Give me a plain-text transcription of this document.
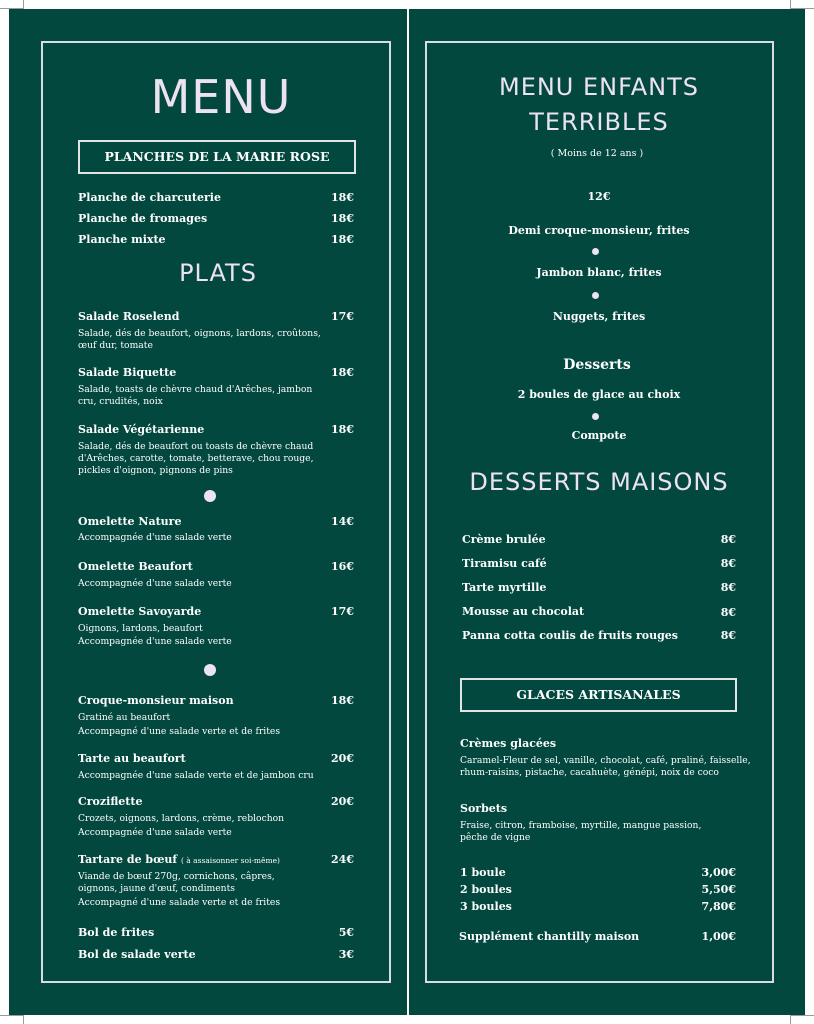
MENU
PLANCHES DE LA MARIE ROSE
Planche de charcuterie	18€
Planche de fromages	18€
Planche mixte	18€
PLATS
Salade Roselend	17€
Salade, dés de beaufort, oignons, lardons, croûtons, œuf dur, tomate
Salade Biquette	18€
Salade, toasts de chèvre chaud d'Arêches, jambon cru, crudités, noix
Salade Végétarienne	18€
Salade, dés de beaufort ou toasts de chèvre chaud d'Arêches, carotte, tomate, betterave, chou rouge, pickles d'oignon, pignons de pins
Omelette Nature	14€
Accompagnée d'une salade verte
Omelette Beaufort	16€
Accompagnée d'une salade verte
Omelette Savoyarde	17€
Oignons, lardons, beaufort
Accompagnée d'une salade verte
Croque-monsieur maison	18€
Gratiné au beaufort
Accompagné d'une salade verte et de frites
Tarte au beaufort	20€
Accompagnée d'une salade verte et de jambon cru
Croziflette	20€
Crozets, oignons, lardons, crème, reblochon
Accompagnée d'une salade verte
Tartare de bœuf ( à assaisonner soi-même)	24€
Viande de bœuf 270g, cornichons, câpres, oignons, jaune d'œuf, condiments
Accompagné d'une salade verte et de frites
Bol de frites	5€
Bol de salade verte	3€
MENU ENFANTS
TERRIBLES
( Moins de 12 ans )
12€
Demi croque-monsieur, frites
Jambon blanc, frites
Nuggets, frites
Desserts
2 boules de glace au choix
Compote
DESSERTS MAISONS
Crème brulée	8€
Tiramisu café	8€
Tarte myrtille	8€
Mousse au chocolat	8€
Panna cotta coulis de fruits rouges	8€
GLACES ARTISANALES
Crèmes glacées
Caramel-Fleur de sel, vanille, chocolat, café, praliné, faisselle, rhum-raisins, pistache, cacahuète, génépi, noix de coco
Sorbets
Fraise, citron, framboise, myrtille, mangue passion, pêche de vigne
1 boule	3,00€
2 boules	5,50€
3 boules	7,80€
Supplément chantilly maison	1,00€
